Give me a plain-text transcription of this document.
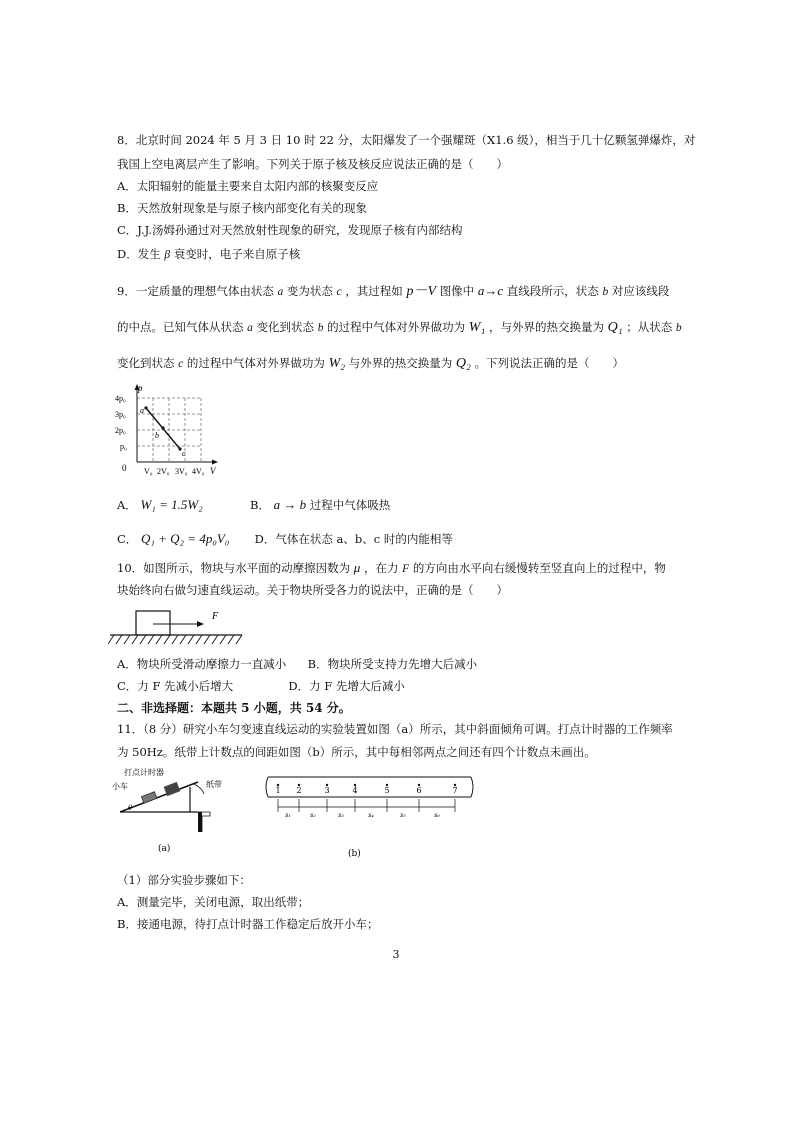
8．北京时间 2024 年 5 月 3 日 10 时 22 分，太阳爆发了一个强耀斑（X1.6 级），相当于几十亿颗氢弹爆炸，对
我国上空电离层产生了影响。下列关于原子核及核反应说法正确的是（　　）
A．太阳辐射的能量主要来自太阳内部的核聚变反应
B．天然放射现象是与原子核内部变化有关的现象
C．J.J.汤姆孙通过对天然放射性现象的研究，发现原子核有内部结构
D．发生 β 衰变时，电子来自原子核
9．一定质量的理想气体由状态 a 变为状态 c ，其过程如 p－V 图像中 a→c 直线段所示，状态 b 对应该线段
的中点。已知气体从状态 a 变化到状态 b 的过程中气体对外界做功为 W₁ ，与外界的热交换量为 Q₁ ；从状态 b
变化到状态 c 的过程中气体对外界做功为 W₂ 与外界的热交换量为 Q₂ 。下列说法正确的是（　　）
p
V
0
4p₀
3p₀
2p₀
p₀
V₀ 2V₀ 3V₀ 4V₀
a
b
c
A． W₁ = 1.5W₂	B． a → b 过程中气体吸热
C． Q₁ + Q₂ = 4p₀V₀ D．气体在状态 a、b、c 时的内能相等
10．如图所示，物块与水平面的动摩擦因数为 μ ，在力 F 的方向由水平向右缓慢转至竖直向上的过程中，物
块始终向右做匀速直线运动。关于物块所受各力的说法中，正确的是（　　）
F
A．物块所受滑动摩擦力一直减小 B．物块所受支持力先增大后减小
C．力 F 先减小后增大	D．力 F 先增大后减小
二、非选择题：本题共 5 小题，共 54 分。
11．（8 分）研究小车匀变速直线运动的实验装置如图（a）所示，其中斜面倾角可调。打点计时器的工作频率
为 50Hz。纸带上计数点的间距如图（b）所示，其中每相邻两点之间还有四个计数点未画出。
打点计时器
小车	纸带
θ
(a)
1 2	3	4	5	6	7
s₁	s₂	s₃	s₄	s₅	s₆
(b)
（1）部分实验步骤如下：
A．测量完毕，关闭电源，取出纸带；
B．接通电源，待打点计时器工作稳定后放开小车；
3
